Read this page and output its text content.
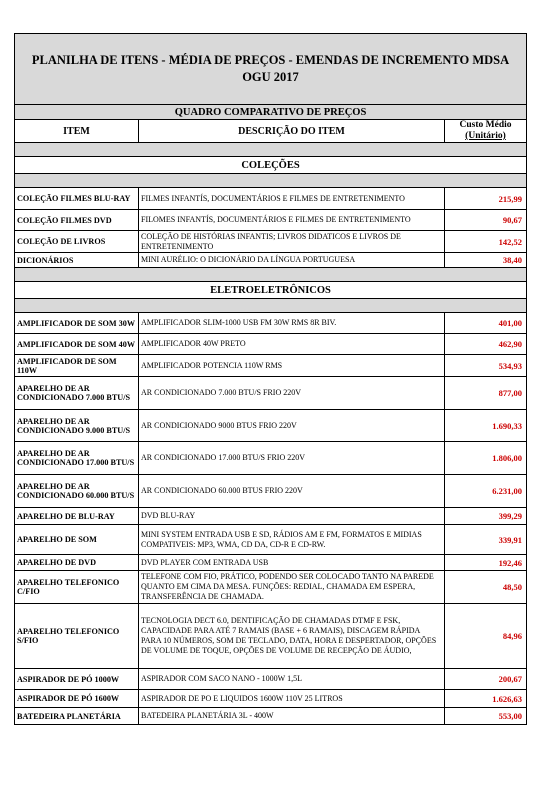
PLANILHA DE ITENS - MÉDIA DE PREÇOS - EMENDAS DE INCREMENTO MDSA
OGU 2017		

QUADRO COMPARATIVO DE PREÇOS		
ITEM	DESCRIÇÃO DO ITEM	Custo Médio
(Unitário)

COLEÇÕES		

COLEÇÃO FILMES BLU-RAY	FILMES INFANTÍS, DOCUMENTÁRIOS E FILMES DE ENTRETENIMENTO	215,99
COLEÇÃO FILMES DVD	FILOMES INFANTÍS, DOCUMENTÁRIOS E FILMES DE ENTRETENIMENTO	90,67
COLEÇÃO DE LIVROS	COLEÇÃO DE HISTÓRIAS INFANTIS; LIVROS DIDATICOS E LIVROS DE ENTRETENIMENTO	142,52
DICIONÁRIOS	MINI AURÉLIO: O DICIONÁRIO DA LÍNGUA PORTUGUESA	38,40

ELETROELETRÔNICOS		

AMPLIFICADOR DE SOM 30W	AMPLIFICADOR SLIM-1000 USB FM 30W RMS 8R BIV.	401,00
AMPLIFICADOR DE SOM 40W	AMPLIFICADOR 40W PRETO	462,90
AMPLIFICADOR DE SOM 110W	AMPLIFICADOR POTENCIA 110W RMS	534,93
APARELHO DE AR CONDICIONADO 7.000 BTU/S	AR CONDICIONADO 7.000 BTU/S FRIO 220V	877,00
APARELHO DE AR CONDICIONADO 9.000 BTU/S	AR CONDICIONADO 9000 BTUS FRIO 220V	1.690,33
APARELHO DE AR CONDICIONADO 17.000 BTU/S	AR CONDICIONADO 17.000 BTU/S FRIO 220V	1.806,00
APARELHO DE AR CONDICIONADO 60.000 BTU/S	AR CONDICIONADO 60.000 BTUS FRIO 220V	6.231,00
APARELHO DE BLU-RAY	DVD BLU-RAY	399,29
APARELHO DE SOM	MINI SYSTEM ENTRADA USB E SD, RÁDIOS AM E FM, FORMATOS E MIDIAS COMPATIVEIS: MP3, WMA, CD DA, CD-R E CD-RW.	339,91
APARELHO DE DVD	DVD PLAYER COM ENTRADA USB	192,46
APARELHO TELEFONICO C/FIO	TELEFONE COM FIO, PRÁTICO, PODENDO SER COLOCADO TANTO NA PAREDE QUANTO EM CIMA DA MESA. FUNÇÕES: REDIAL, CHAMADA EM ESPERA, TRANSFERÊNCIA DE CHAMADA.	48,50
APARELHO TELEFONICO S/FIO	TECNOLOGIA DECT 6.0, DENTIFICAÇÃO DE CHAMADAS DTMF E FSK, CAPACIDADE PARA ATÉ 7 RAMAIS (BASE + 6 RAMAIS), DISCAGEM RÁPIDA PARA 10 NÚMEROS, SOM DE TECLADO, DATA, HORA E DESPERTADOR, OPÇÕES DE VOLUME DE TOQUE, OPÇÕES DE VOLUME DE RECEPÇÃO DE ÁUDIO,	84,96
ASPIRADOR DE PÓ 1000W	ASPIRADOR COM SACO NANO - 1000W 1,5L	200,67
ASPIRADOR DE PÓ 1600W	ASPIRADOR DE PO E LIQUIDOS 1600W 110V 25 LITROS	1.626,63
BATEDEIRA PLANETÁRIA	BATEDEIRA PLANETÁRIA 3L - 400W	553,00
